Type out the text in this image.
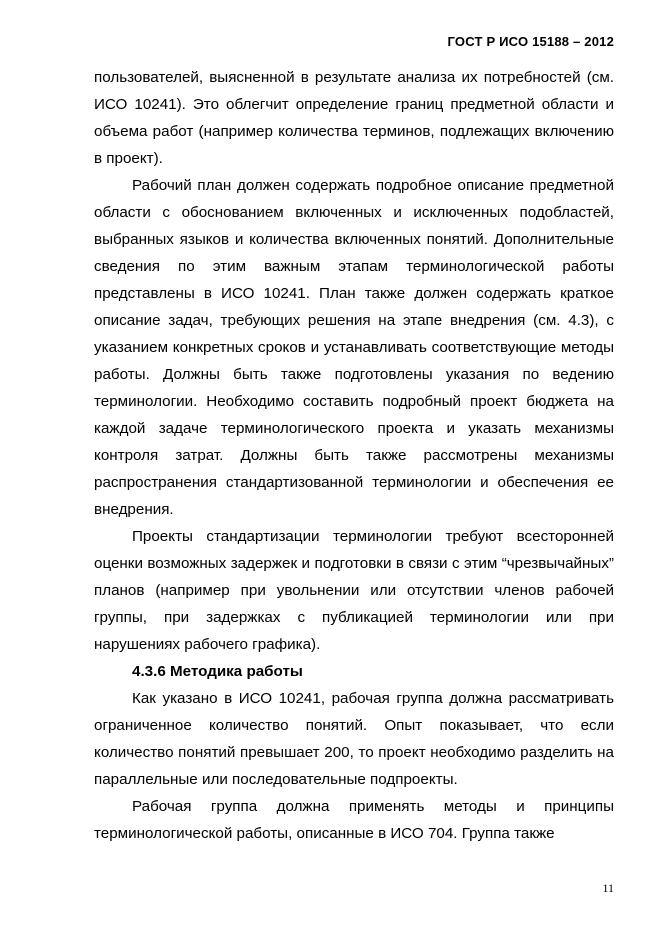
ГОСТ Р ИСО 15188 – 2012

пользователей, выясненной в результате анализа их потребностей (см. ИСО 10241). Это облегчит определение границ предметной области и объема работ (например количества терминов, подлежащих включению в проект).

Рабочий план должен содержать подробное описание предметной области с обоснованием включенных и исключенных подобластей, выбранных языков и количества включенных понятий. Дополнительные сведения по этим важным этапам терминологической работы представлены в ИСО 10241. План также должен содержать краткое описание задач, требующих решения на этапе внедрения (см. 4.3), с указанием конкретных сроков и устанавливать соответствующие методы работы. Должны быть также подготовлены указания по ведению терминологии. Необходимо составить подробный проект бюджета на каждой задаче терминологического проекта и указать механизмы контроля затрат. Должны быть также рассмотрены механизмы распространения стандартизованной терминологии и обеспечения ее внедрения.

Проекты стандартизации терминологии требуют всесторонней оценки возможных задержек и подготовки в связи с этим “чрезвычайных” планов (например при увольнении или отсутствии членов рабочей группы, при задержках с публикацией терминологии или при нарушениях рабочего графика).

4.3.6 Методика работы

Как указано в ИСО 10241, рабочая группа должна рассматривать ограниченное количество понятий. Опыт показывает, что если количество понятий превышает 200, то проект необходимо разделить на параллельные или последовательные подпроекты.

Рабочая группа должна применять методы и принципы терминологической работы, описанные в ИСО 704. Группа также

11
